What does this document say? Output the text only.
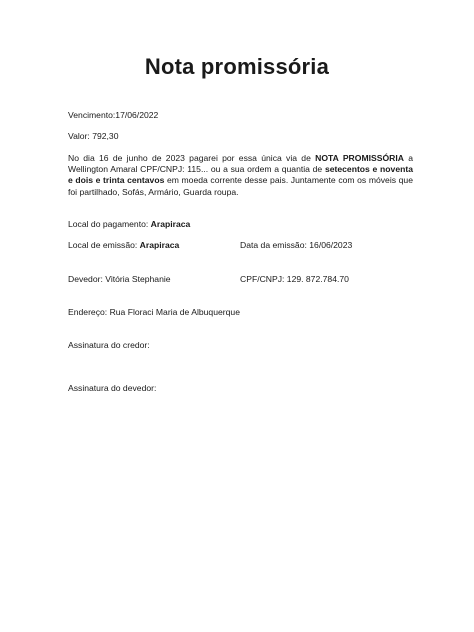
Nota promissória
Vencimento:17/06/2022
Valor: 792,30
No dia 16 de junho de 2023 pagarei por essa única via de NOTA PROMISSÓRIA a Wellington Amaral CPF/CNPJ: 115... ou a sua ordem a quantia de setecentos e noventa e dois e trinta centavos em moeda corrente desse pais. Juntamente com os móveis que foi partilhado, Sofás, Armário, Guarda roupa.
Local do pagamento: Arapiraca
Local de emissão: Arapiraca	Data da emissão: 16/06/2023
Devedor: Vitória Stephanie	CPF/CNPJ: 129. 872.784.70
Endereço: Rua Floraci Maria de Albuquerque
Assinatura do credor:
Assinatura do devedor:
